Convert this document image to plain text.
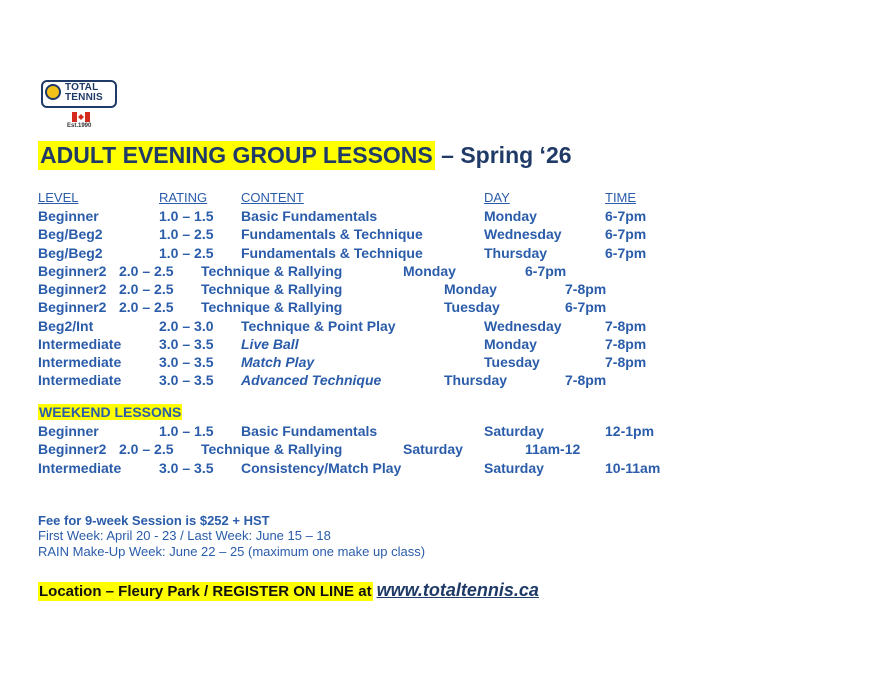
TOTAL
TENNIS
Est.1990
ADULT EVENING GROUP LESSONS – Spring ‘26
LEVEL	RATING	CONTENT	DAY	TIME
Beginner	1.0 – 1.5 Basic Fundamentals	Monday	6-7pm
Beg/Beg2	1.0 – 2.5 Fundamentals & Technique	Wednesday	6-7pm
Beg/Beg2	1.0 – 2.5 Fundamentals & Technique	Thursday	6-7pm
Beginner2 2.0 – 2.5 Technique & Rallying	Monday	6-7pm
Beginner2 2.0 – 2.5 Technique & Rallying	Monday	7-8pm
Beginner2 2.0 – 2.5 Technique & Rallying	Tuesday	6-7pm
Beg2/Int	2.0 – 3.0 Technique & Point Play	Wednesday	7-8pm
Intermediate	3.0 – 3.5 Live Ball	Monday	7-8pm
Intermediate	3.0 – 3.5 Match Play	Tuesday	7-8pm
Intermediate	3.0 – 3.5 Advanced Technique	Thursday	7-8pm
WEEKEND LESSONS
Beginner	1.0 – 1.5 Basic Fundamentals	Saturday	12-1pm
Beginner2 2.0 – 2.5 Technique & Rallying	Saturday	11am-12
Intermediate	3.0 – 3.5 Consistency/Match Play	Saturday	10-11am
Fee for 9-week Session is $252 + HST
First Week: April 20 - 23 / Last Week: June 15 – 18
RAIN Make-Up Week: June 22 – 25 (maximum one make up class)
Location – Fleury Park / REGISTER ON LINE at www.totaltennis.ca
